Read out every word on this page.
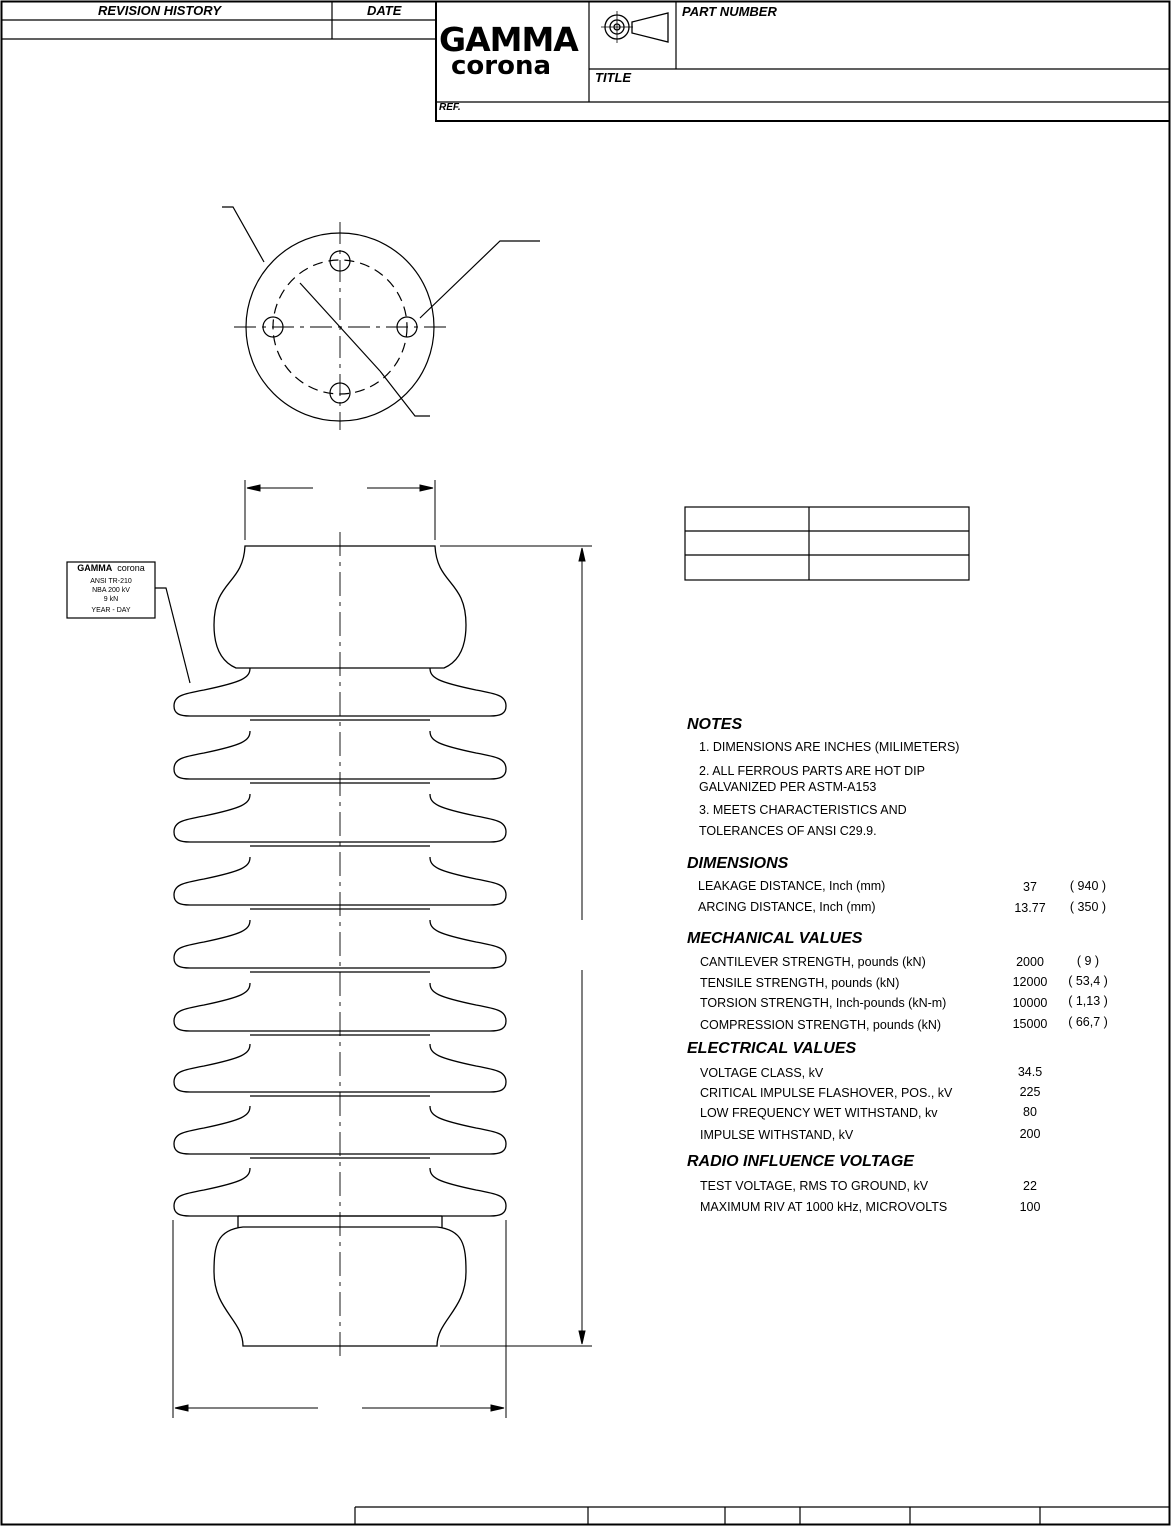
REVISION HISTORY	DATE	PART NUMBER
TITLE
REF.
GAMMA
corona
GAMMA corona
ANSI TR-210
NBA 200 kV
9 kN
YEAR - DAY
NOTES
1. DIMENSIONS ARE INCHES (MILIMETERS)
2. ALL FERROUS PARTS ARE HOT DIP
GALVANIZED PER ASTM-A153
3. MEETS CHARACTERISTICS AND
TOLERANCES OF ANSI C29.9.
DIMENSIONS
LEAKAGE DISTANCE, Inch (mm)	37	( 940 )
ARCING DISTANCE, Inch (mm)	13.77	( 350 )
MECHANICAL VALUES
CANTILEVER STRENGTH, pounds (kN)	2000	( 9 )
TENSILE STRENGTH, pounds (kN)	12000	( 53,4 )
TORSION STRENGTH, Inch-pounds (kN-m)	10000	( 1,13 )
COMPRESSION STRENGTH, pounds (kN)	15000	( 66,7 )
ELECTRICAL VALUES
VOLTAGE CLASS, kV	34.5
CRITICAL IMPULSE FLASHOVER, POS., kV	225
LOW FREQUENCY WET WITHSTAND, kv	80
IMPULSE WITHSTAND, kV	200
RADIO INFLUENCE VOLTAGE
TEST VOLTAGE, RMS TO GROUND, kV	22
MAXIMUM RIV AT 1000 kHz, MICROVOLTS	100
